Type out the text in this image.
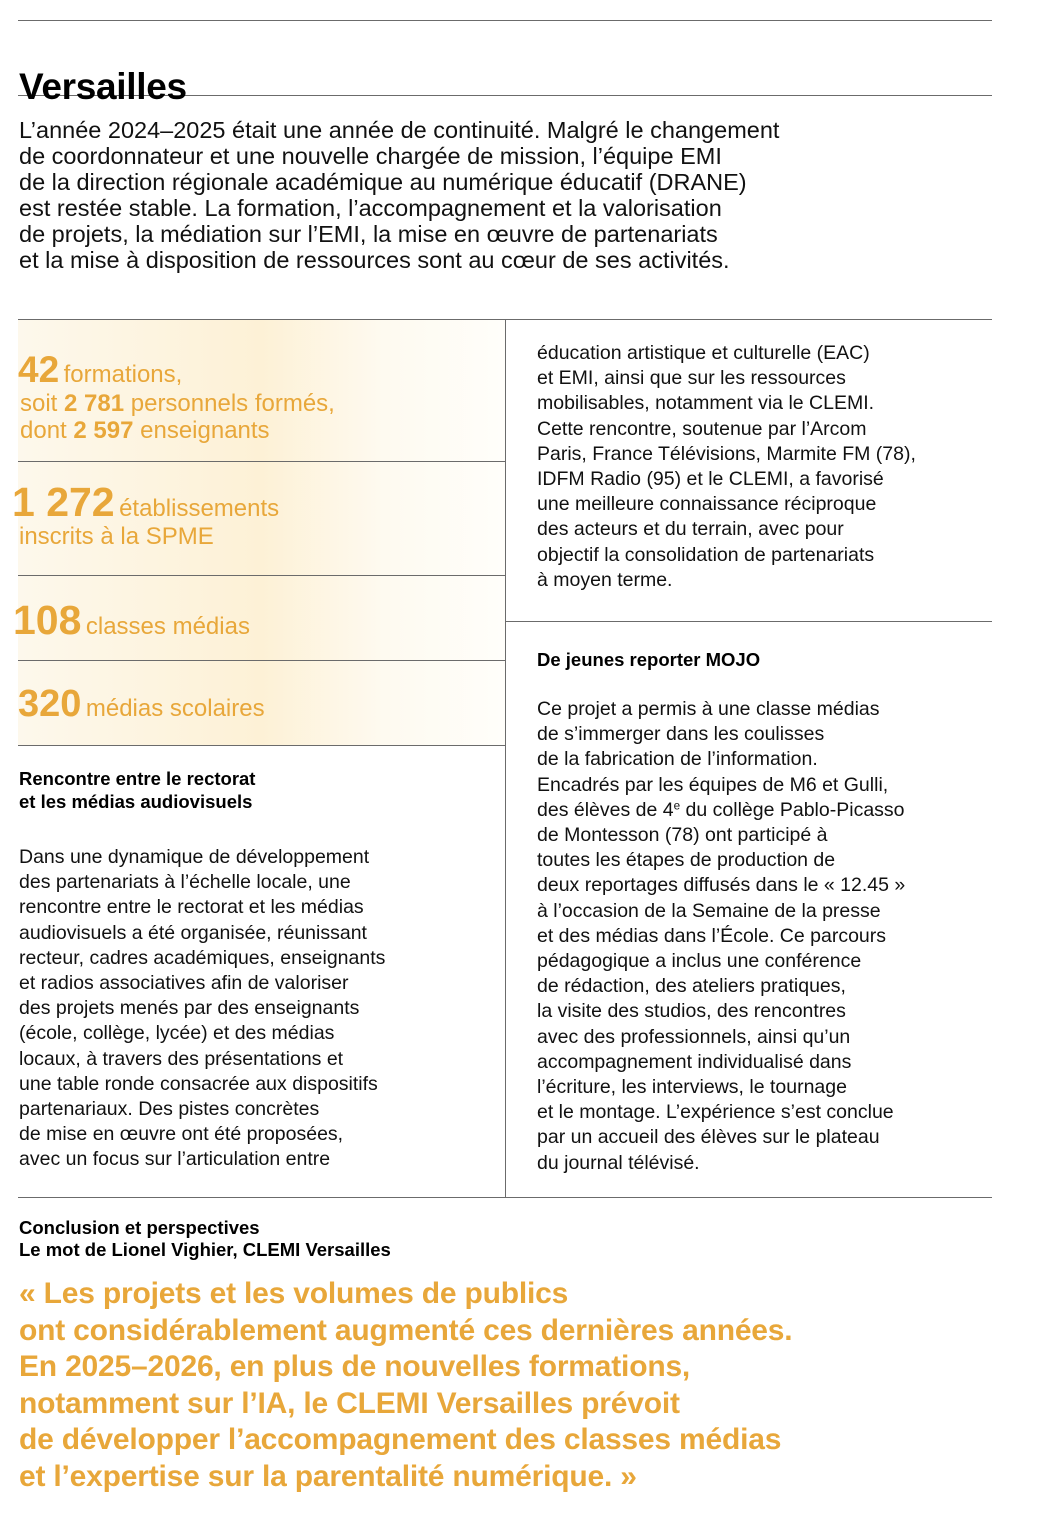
Versailles
L’année 2024–2025 était une année de continuité. Malgré le changement
de coordonnateur et une nouvelle chargée de mission, l’équipe EMI
de la direction régionale académique au numérique éducatif (DRANE)
est restée stable. La formation, l’accompagnement et la valorisation
de projets, la médiation sur l’EMI, la mise en œuvre de partenariats
et la mise à disposition de ressources sont au cœur de ses activités.
42 formations,
soit 2 781 personnels formés,
dont 2 597 enseignants
1 272 établissements
inscrits à la SPME
108 classes médias
320 médias scolaires
Rencontre entre le rectorat
et les médias audiovisuels
Dans une dynamique de développement
des partenariats à l’échelle locale, une
rencontre entre le rectorat et les médias
audiovisuels a été organisée, réunissant
recteur, cadres académiques, enseignants
et radios associatives afin de valoriser
des projets menés par des enseignants
(école, collège, lycée) et des médias
locaux, à travers des présentations et
une table ronde consacrée aux dispositifs
partenariaux. Des pistes concrètes
de mise en œuvre ont été proposées,
avec un focus sur l’articulation entre
éducation artistique et culturelle (EAC)
et EMI, ainsi que sur les ressources
mobilisables, notamment via le CLEMI.
Cette rencontre, soutenue par l’Arcom
Paris, France Télévisions, Marmite FM (78),
IDFM Radio (95) et le CLEMI, a favorisé
une meilleure connaissance réciproque
des acteurs et du terrain, avec pour
objectif la consolidation de partenariats
à moyen terme.
De jeunes reporter MOJO
Ce projet a permis à une classe médias
de s’immerger dans les coulisses
de la fabrication de l’information.
Encadrés par les équipes de M6 et Gulli,
des élèves de 4e du collège Pablo-Picasso
de Montesson (78) ont participé à
toutes les étapes de production de
deux reportages diffusés dans le « 12.45 »
à l’occasion de la Semaine de la presse
et des médias dans l’École. Ce parcours
pédagogique a inclus une conférence
de rédaction, des ateliers pratiques,
la visite des studios, des rencontres
avec des professionnels, ainsi qu’un
accompagnement individualisé dans
l’écriture, les interviews, le tournage
et le montage. L’expérience s’est conclue
par un accueil des élèves sur le plateau
du journal télévisé.
Conclusion et perspectives
Le mot de Lionel Vighier, CLEMI Versailles
« Les projets et les volumes de publics
ont considérablement augmenté ces dernières années.
En 2025–2026, en plus de nouvelles formations,
notamment sur l’IA, le CLEMI Versailles prévoit
de développer l’accompagnement des classes médias
et l’expertise sur la parentalité numérique. »
